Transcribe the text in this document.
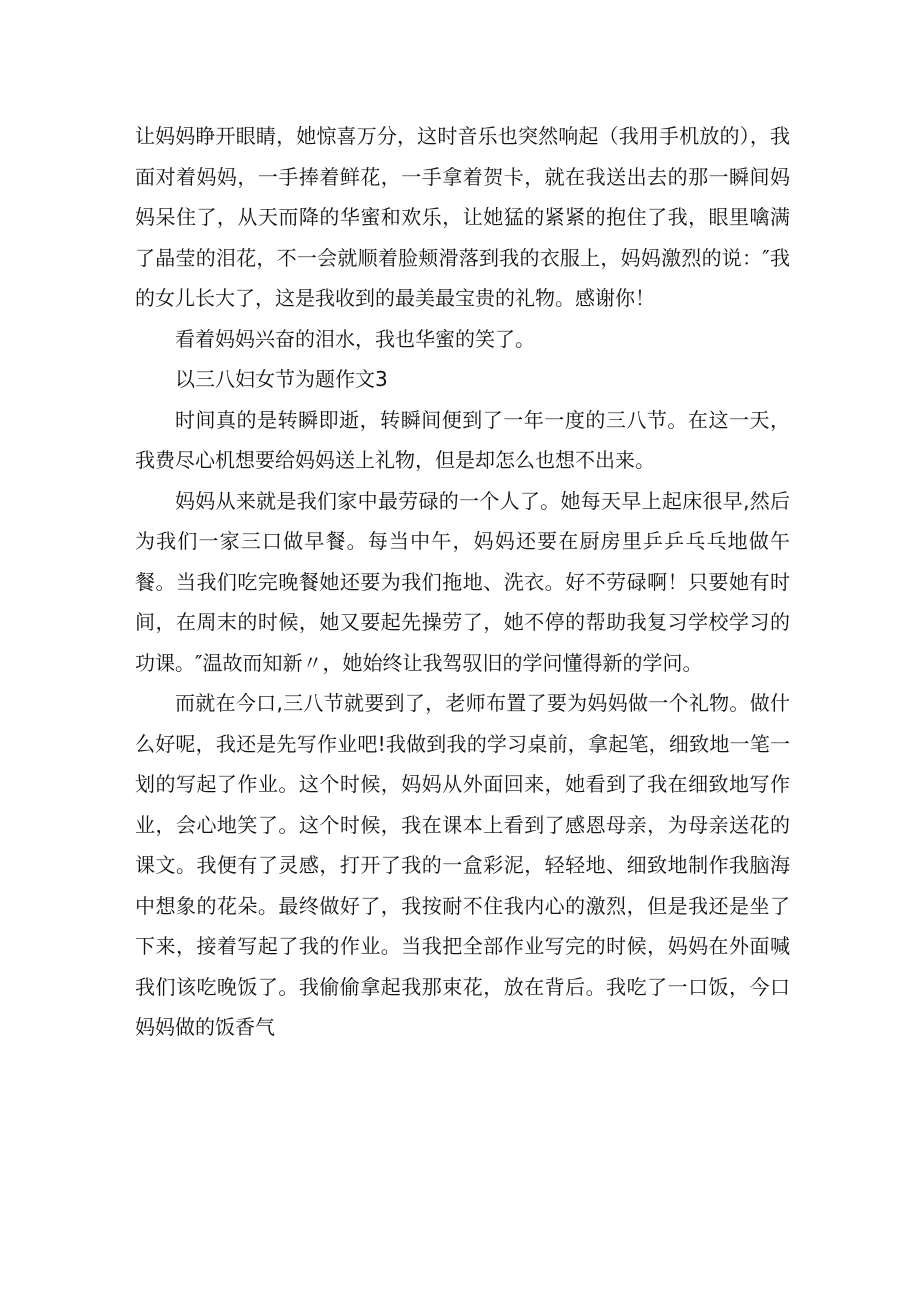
让妈妈睁开眼睛，她惊喜万分，这时音乐也突然响起（我用手机放的），我面对着妈妈，一手捧着鲜花，一手拿着贺卡，就在我送出去的那一瞬间妈妈呆住了，从天而降的华蜜和欢乐，让她猛的紧紧的抱住了我，眼里噙满了晶莹的泪花，不一会就顺着脸颊滑落到我的衣服上，妈妈激烈的说：″我的女儿长大了，这是我收到的最美最宝贵的礼物。感谢你！

看着妈妈兴奋的泪水，我也华蜜的笑了。

以三八妇女节为题作文3

时间真的是转瞬即逝，转瞬间便到了一年一度的三八节。在这一天，我费尽心机想要给妈妈送上礼物，但是却怎么也想不出来。

妈妈从来就是我们家中最劳碌的一个人了。她每天早上起床很早,然后为我们一家三口做早餐。每当中午，妈妈还要在厨房里乒乒乓乓地做午餐。当我们吃完晚餐她还要为我们拖地、洗衣。好不劳碌啊！只要她有时间，在周末的时候，她又要起先操劳了，她不停的帮助我复习学校学习的功课。″温故而知新〃，她始终让我驾驭旧的学问懂得新的学问。

而就在今口,三八节就要到了，老师布置了要为妈妈做一个礼物。做什么好呢，我还是先写作业吧!我做到我的学习桌前，拿起笔，细致地一笔一划的写起了作业。这个时候，妈妈从外面回来，她看到了我在细致地写作业，会心地笑了。这个时候，我在课本上看到了感恩母亲，为母亲送花的课文。我便有了灵感，打开了我的一盒彩泥，轻轻地、细致地制作我脑海中想象的花朵。最终做好了，我按耐不住我内心的激烈，但是我还是坐了下来，接着写起了我的作业。当我把全部作业写完的时候，妈妈在外面喊我们该吃晚饭了。我偷偷拿起我那束花，放在背后。我吃了一口饭，今口妈妈做的饭香气
